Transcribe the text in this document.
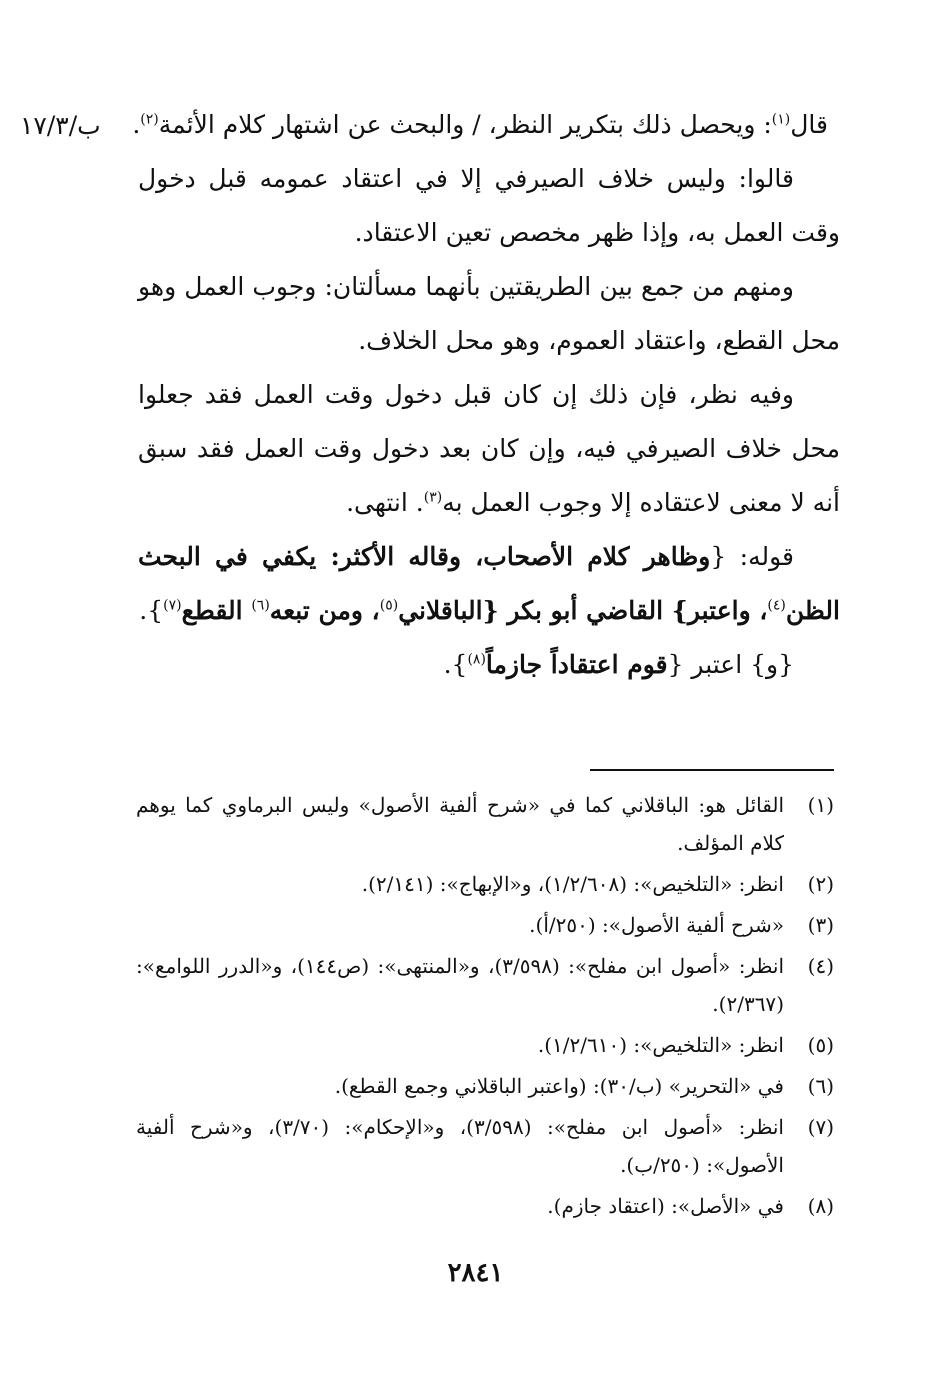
ب/١٧/٣	قال$^{(١)}$: ويحصل ذلك بتكرير النظر، / والبحث عن اشتهار كلام الأئمة$^{(٢)}$.

قالوا: وليس خلاف الصيرفي إلا في اعتقاد عمومه قبل دخول وقت العمل به، وإذا ظهر مخصص تعين الاعتقاد.

ومنهم من جمع بين الطريقتين بأنهما مسألتان: وجوب العمل وهو محل القطع، واعتقاد العموم، وهو محل الخلاف.

وفيه نظر، فإن ذلك إن كان قبل دخول وقت العمل فقد جعلوا محل خلاف الصيرفي فيه، وإن كان بعد دخول وقت العمل فقد سبق أنه لا معنى لاعتقاده إلا وجوب العمل به$^{(٣)}$. انتهى.

قوله: {وظاهر كلام الأصحاب، وقاله الأكثر: يكفي في البحث الظن$^{(٤)}$، واعتبر} القاضي أبو بكر {الباقلاني$^{(٥)}$، ومن تبعه$^{(٦)}$ القطع$^{(٧)}$}.

{و} اعتبر {قوم اعتقاداً جازماً$^{(٨)}$}.

(١)
القائل هو: الباقلاني كما في «شرح ألفية الأصول» وليس البرماوي كما يوهم كلام المؤلف.
(٢)
انظر: «التلخيص»: (١/٢/٦٠٨)، و«الإبهاج»: (٢/١٤١).
(٣)
«شرح ألفية الأصول»: (٢٥٠/أ).
(٤)
انظر: «أصول ابن مفلح»: (٣/٥٩٨)، و«المنتهى»: (ص١٤٤)، و«الدرر اللوامع»: (٢/٣٦٧).
(٥)
انظر: «التلخيص»: (١/٢/٦١٠).
(٦)
في «التحرير» (ب/٣٠): (واعتبر الباقلاني وجمع القطع).
(٧)
انظر: «أصول ابن مفلح»: (٣/٥٩٨)، و«الإحكام»: (٣/٧٠)، و«شرح ألفية الأصول»: (٢٥٠/ب).
(٨)
في «الأصل»: (اعتقاد جازم).
٢٨٤١
